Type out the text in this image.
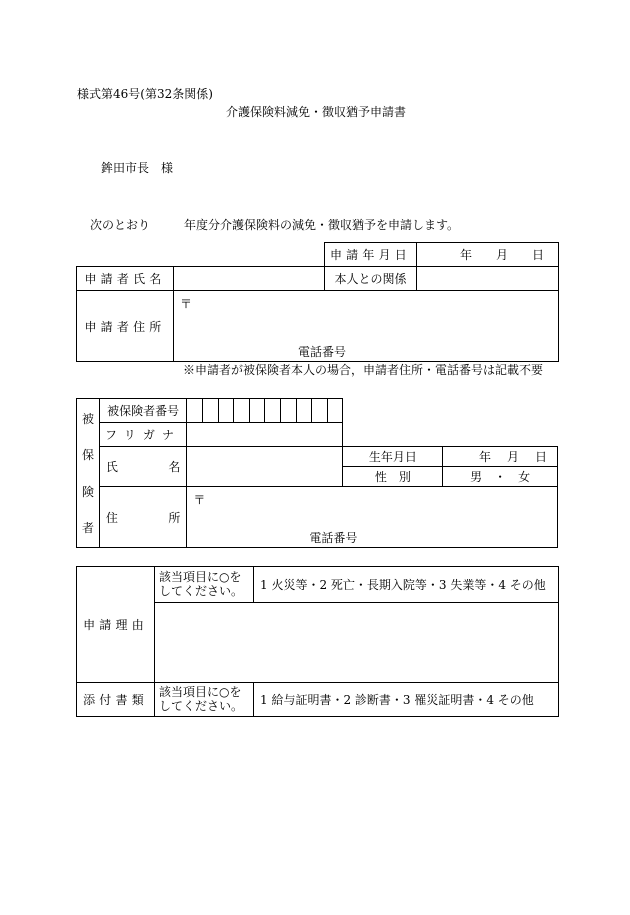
様式第46号(第32条関係)
介護保険料減免・徴収猶予申請書
鉾田市長　様
次のとおり	年度分介護保険料の減免・徴収猶予を申請します。
		申請年月日	年 月 日

申請者氏名		本人との関係	
申請者住所	〒
電話番号		
※申請者が被保険者本人の場合，申請者住所・電話番号は記載不要
被
保
険
者	被保険者番号												
	フリガナ												

	氏 名											生年月日	年 月 日

												性　別	男　・　女

	住 所	〒
電話番号											
申請理由	該当項目に○を
してください。	1 火災等・2 死亡・長期入院等・3 失業等・4 その他

添付書類	該当項目に○を
してください。	1 給与証明書・2 診断書・3 罹災証明書・4 その他
